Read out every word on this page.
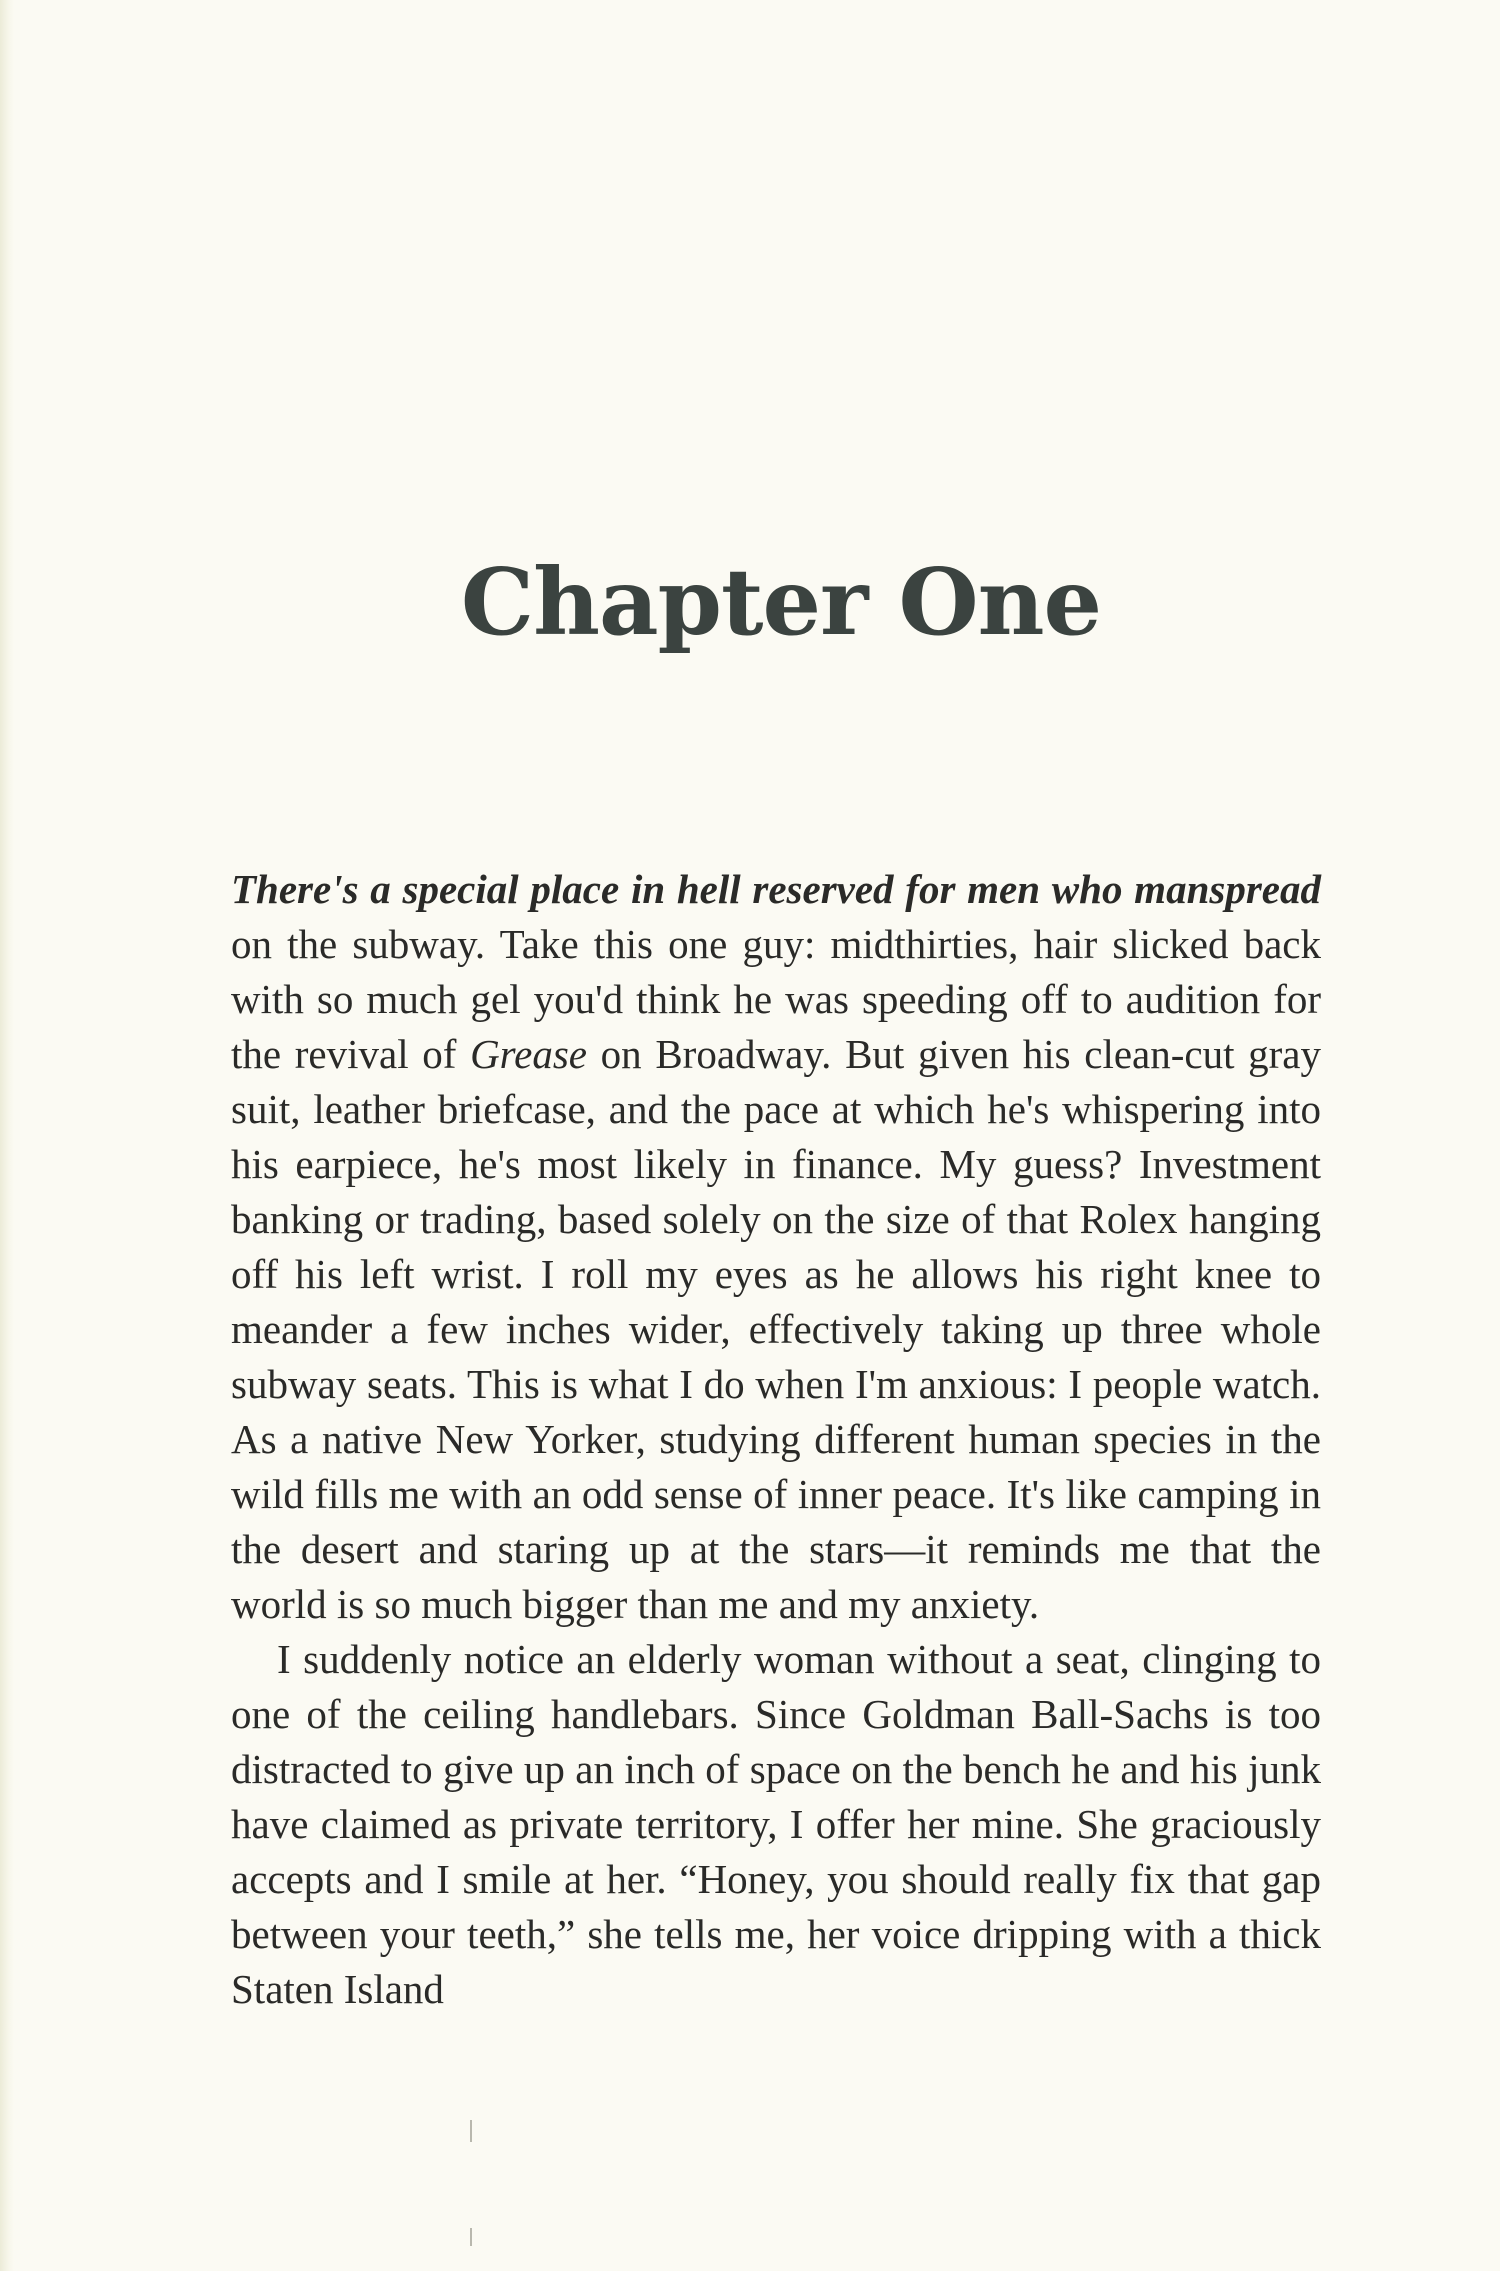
Chapter One

There's a special place in hell reserved for men who manspread on the subway. Take this one guy: midthirties, hair slicked back with so much gel you'd think he was speeding off to audition for the revival of Grease on Broadway. But given his clean-cut gray suit, leather briefcase, and the pace at which he's whispering into his earpiece, he's most likely in finance. My guess? Investment banking or trading, based solely on the size of that Rolex hanging off his left wrist. I roll my eyes as he allows his right knee to meander a few inches wider, effectively taking up three whole subway seats. This is what I do when I'm anxious: I people watch. As a native New Yorker, studying different human species in the wild fills me with an odd sense of inner peace. It's like camping in the desert and staring up at the stars—it reminds me that the world is so much bigger than me and my anxiety.

I suddenly notice an elderly woman without a seat, clinging to one of the ceiling handlebars. Since Goldman Ball-Sachs is too distracted to give up an inch of space on the bench he and his junk have claimed as private territory, I offer her mine. She graciously accepts and I smile at her. “Honey, you should really fix that gap between your teeth,” she tells me, her voice dripping with a thick Staten Island
